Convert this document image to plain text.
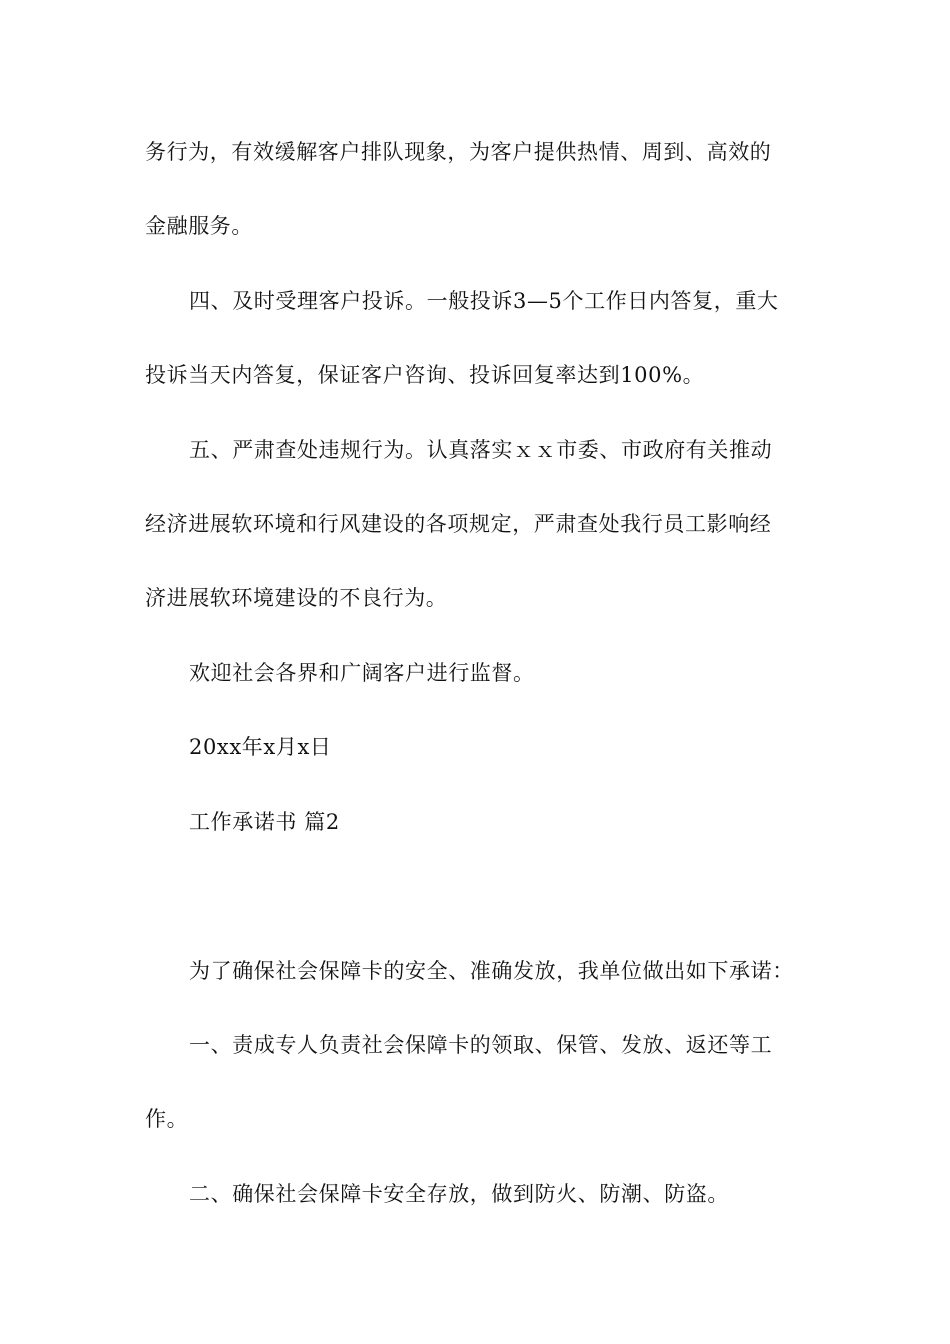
务行为，有效缓解客户排队现象，为客户提供热情、周到、高效的
金融服务。
四、及时受理客户投诉。一般投诉3—5个工作日内答复，重大
投诉当天内答复，保证客户咨询、投诉回复率达到100%。
五、严肃查处违规行为。认真落实ｘｘ市委、市政府有关推动
经济进展软环境和行风建设的各项规定，严肃查处我行员工影响经
济进展软环境建设的不良行为。
欢迎社会各界和广阔客户进行监督。
20xx年x月x日
工作承诺书 篇2
为了确保社会保障卡的安全、准确发放，我单位做出如下承诺：
一、责成专人负责社会保障卡的领取、保管、发放、返还等工
作。
二、确保社会保障卡安全存放，做到防火、防潮、防盗。
